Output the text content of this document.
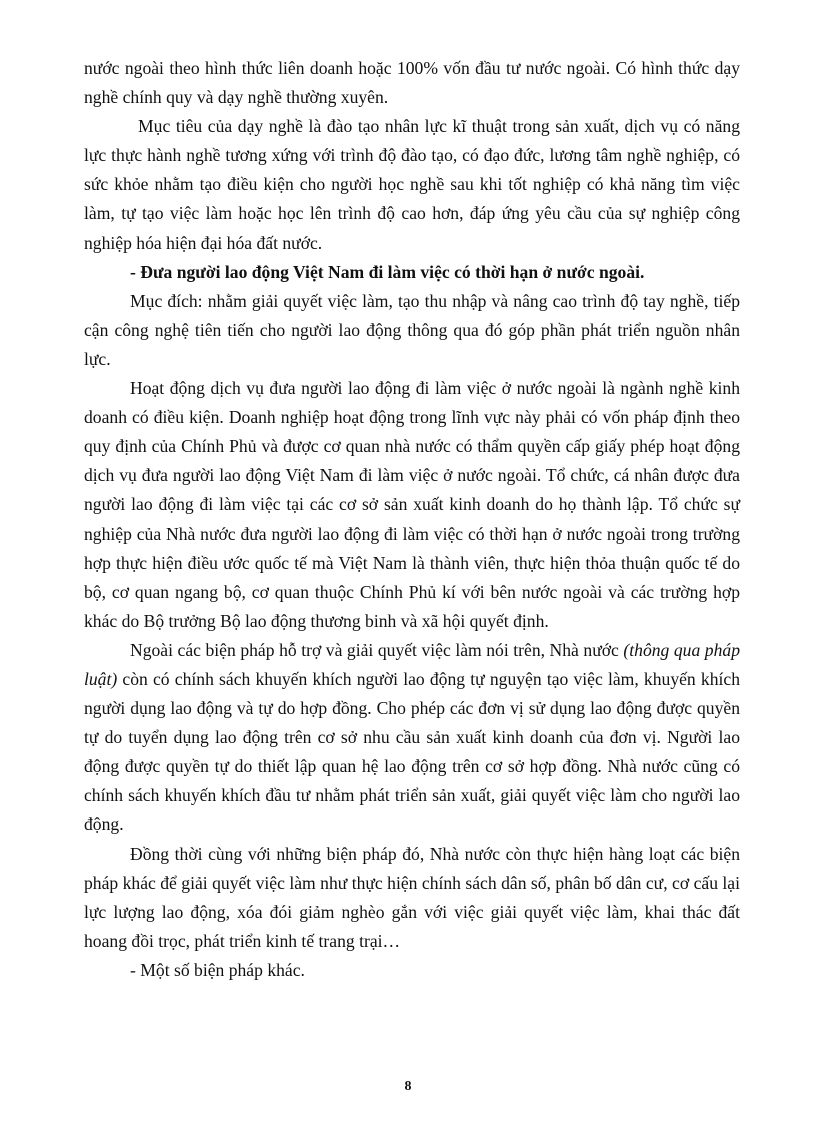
nước ngoài theo hình thức liên doanh hoặc 100% vốn đầu tư nước ngoài. Có hình thức dạy nghề chính quy và dạy nghề thường xuyên.

Mục tiêu của dạy nghề là đào tạo nhân lực kĩ thuật trong sản xuất, dịch vụ có năng lực thực hành nghề tương xứng với trình độ đào tạo, có đạo đức, lương tâm nghề nghiệp, có sức khỏe nhằm tạo điều kiện cho người học nghề sau khi tốt nghiệp có khả năng tìm việc làm, tự tạo việc làm hoặc học lên trình độ cao hơn, đáp ứng yêu cầu của sự nghiệp công nghiệp hóa hiện đại hóa đất nước.

- Đưa người lao động Việt Nam đi làm việc có thời hạn ở nước ngoài.

Mục đích: nhằm giải quyết việc làm, tạo thu nhập và nâng cao trình độ tay nghề, tiếp cận công nghệ tiên tiến cho người lao động thông qua đó góp phần phát triển nguồn nhân lực.

Hoạt động dịch vụ đưa người lao động đi làm việc ở nước ngoài là ngành nghề kinh doanh có điều kiện. Doanh nghiệp hoạt động trong lĩnh vực này phải có vốn pháp định theo quy định của Chính Phủ và được cơ quan nhà nước có thẩm quyền cấp giấy phép hoạt động dịch vụ đưa người lao động Việt Nam đi làm việc ở nước ngoài. Tổ chức, cá nhân được đưa người lao động đi làm việc tại các cơ sở sản xuất kinh doanh do họ thành lập. Tổ chức sự nghiệp của Nhà nước đưa người lao động đi làm việc có thời hạn ở nước ngoài trong trường hợp thực hiện điều ước quốc tế mà Việt Nam là thành viên, thực hiện thỏa thuận quốc tế do bộ, cơ quan ngang bộ, cơ quan thuộc Chính Phủ kí với bên nước ngoài và các trường hợp khác do Bộ trưởng Bộ lao động thương binh và xã hội quyết định.

Ngoài các biện pháp hỗ trợ và giải quyết việc làm nói trên, Nhà nước (thông qua pháp luật) còn có chính sách khuyến khích người lao động tự nguyện tạo việc làm, khuyến khích người dụng lao động và tự do hợp đồng. Cho phép các đơn vị sử dụng lao động được quyền tự do tuyển dụng lao động trên cơ sở nhu cầu sản xuất kinh doanh của đơn vị. Người lao động được quyền tự do thiết lập quan hệ lao động trên cơ sở hợp đồng. Nhà nước cũng có chính sách khuyến khích đầu tư nhằm phát triển sản xuất, giải quyết việc làm cho người lao động.

Đồng thời cùng với những biện pháp đó, Nhà nước còn thực hiện hàng loạt các biện pháp khác để giải quyết việc làm như thực hiện chính sách dân số, phân bố dân cư, cơ cấu lại lực lượng lao động, xóa đói giảm nghèo gắn với việc giải quyết việc làm, khai thác đất hoang đồi trọc, phát triển kinh tế trang trại…

- Một số biện pháp khác.

8
